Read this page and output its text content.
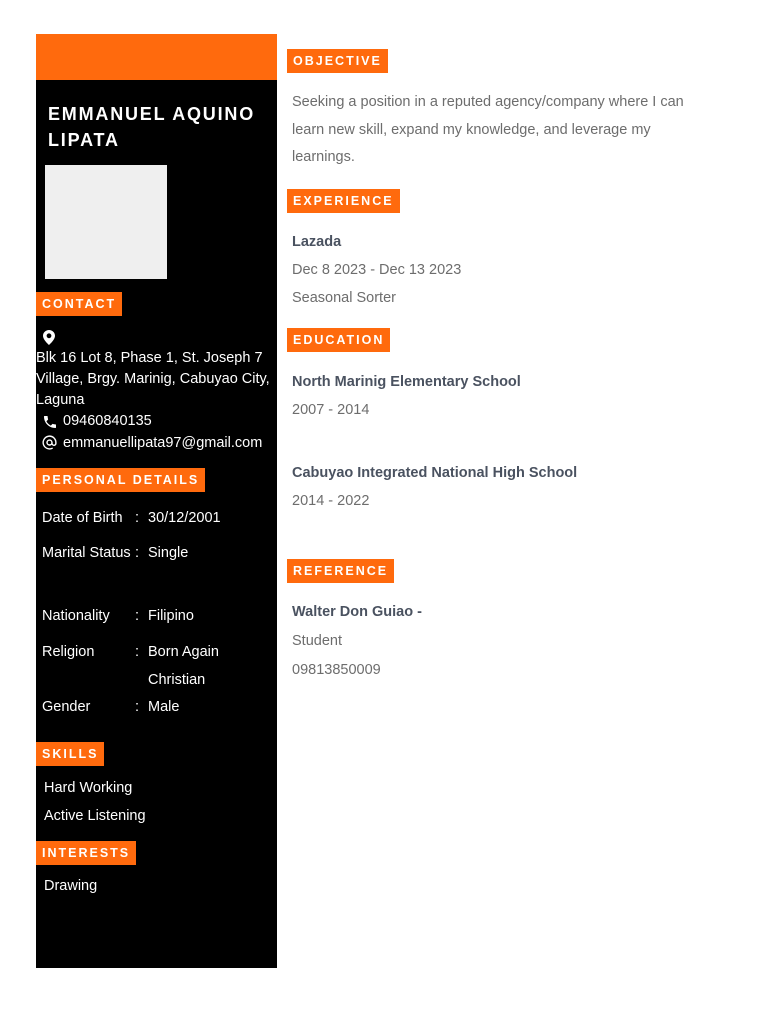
EMMANUEL AQUINO LIPATA
CONTACT
Blk 16 Lot 8, Phase 1, St. Joseph 7 Village, Brgy. Marinig, Cabuyao City, Laguna
09460840135
emmanuellipata97@gmail.com
PERSONAL DETAILS
Date of Birth : 30/12/2001
Marital Status : Single
Nationality	: Filipino
Religion	: Born Again Christian
Gender	: Male
SKILLS
Hard Working
Active Listening
INTERESTS
Drawing
OBJECTIVE
Seeking a position in a reputed agency/company where I can learn new skill, expand my knowledge, and leverage my learnings.
EXPERIENCE
Lazada
Dec 8 2023 - Dec 13 2023
Seasonal Sorter
EDUCATION
North Marinig Elementary School
2007 - 2014
Cabuyao Integrated National High School
2014 - 2022
REFERENCE
Walter Don Guiao -
Student
09813850009
